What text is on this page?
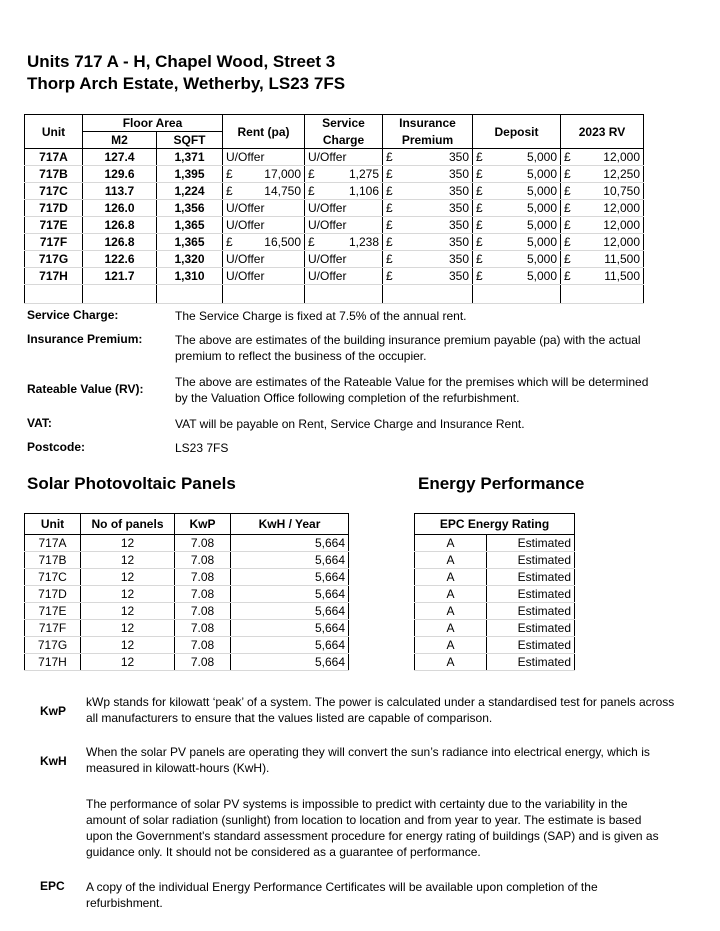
Units 717 A - H, Chapel Wood, Street 3
Thorp Arch Estate, Wetherby, LS23 7FS
Unit	Floor Area		Rent (pa)	Service	Insurance	Deposit	2023 RV
	M2	SQFT		Charge	Premium		
717A	127.4	1,371	U/Offer	U/Offer	£ 350	£ 5,000	£ 12,000

717B	129.6	1,395	£ 17,000	£ 1,275	£ 350	£ 5,000	£ 12,250

717C	113.7	1,224	£ 14,750	£ 1,106	£ 350	£ 5,000	£ 10,750

717D	126.0	1,356	U/Offer	U/Offer	£ 350	£ 5,000	£ 12,000

717E	126.8	1,365	U/Offer	U/Offer	£ 350	£ 5,000	£ 12,000

717F	126.8	1,365	£ 16,500	£ 1,238	£ 350	£ 5,000	£ 12,000

717G	122.6	1,320	U/Offer	U/Offer	£ 350	£ 5,000	£ 11,500

717H	121.7	1,310	U/Offer	U/Offer	£ 350	£ 5,000	£ 11,500

Service Charge:	The Service Charge is fixed at 7.5% of the annual rent.
Insurance Premium:	The above are estimates of the building insurance premium payable (pa) with the actual premium to reflect the business of the occupier.
Rateable Value (RV):	The above are estimates of the Rateable Value for the premises which will be determined by the Valuation Office following completion of the refurbishment.
VAT:	VAT will be payable on Rent, Service Charge and Insurance Rent.
Postcode:	LS23 7FS
Solar Photovoltaic Panels	Energy Performance
Unit	No of panels	KwP	KwH / Year
717A	12	7.08	5,664
717B	12	7.08	5,664
717C	12	7.08	5,664
717D	12	7.08	5,664
717E	12	7.08	5,664
717F	12	7.08	5,664
717G	12	7.08	5,664
717H	12	7.08	5,664
EPC Energy Rating	
A	Estimated
A	Estimated
A	Estimated
A	Estimated
A	Estimated
A	Estimated
A	Estimated
A	Estimated
KwP
kWp stands for kilowatt ‘peak’ of a system. The power is calculated under a standardised test for panels across all manufacturers to ensure that the values listed are capable of comparison.
KwH
When the solar PV panels are operating they will convert the sun’s radiance into electrical energy, which is measured in kilowatt-hours (KwH).
The performance of solar PV systems is impossible to predict with certainty due to the variability in the amount of solar radiation (sunlight) from location to location and from year to year. The estimate is based upon the Government's standard assessment procedure for energy rating of buildings (SAP) and is given as guidance only. It should not be considered as a guarantee of performance.
EPC A copy of the individual Energy Performance Certificates will be available upon completion of the refurbishment.
